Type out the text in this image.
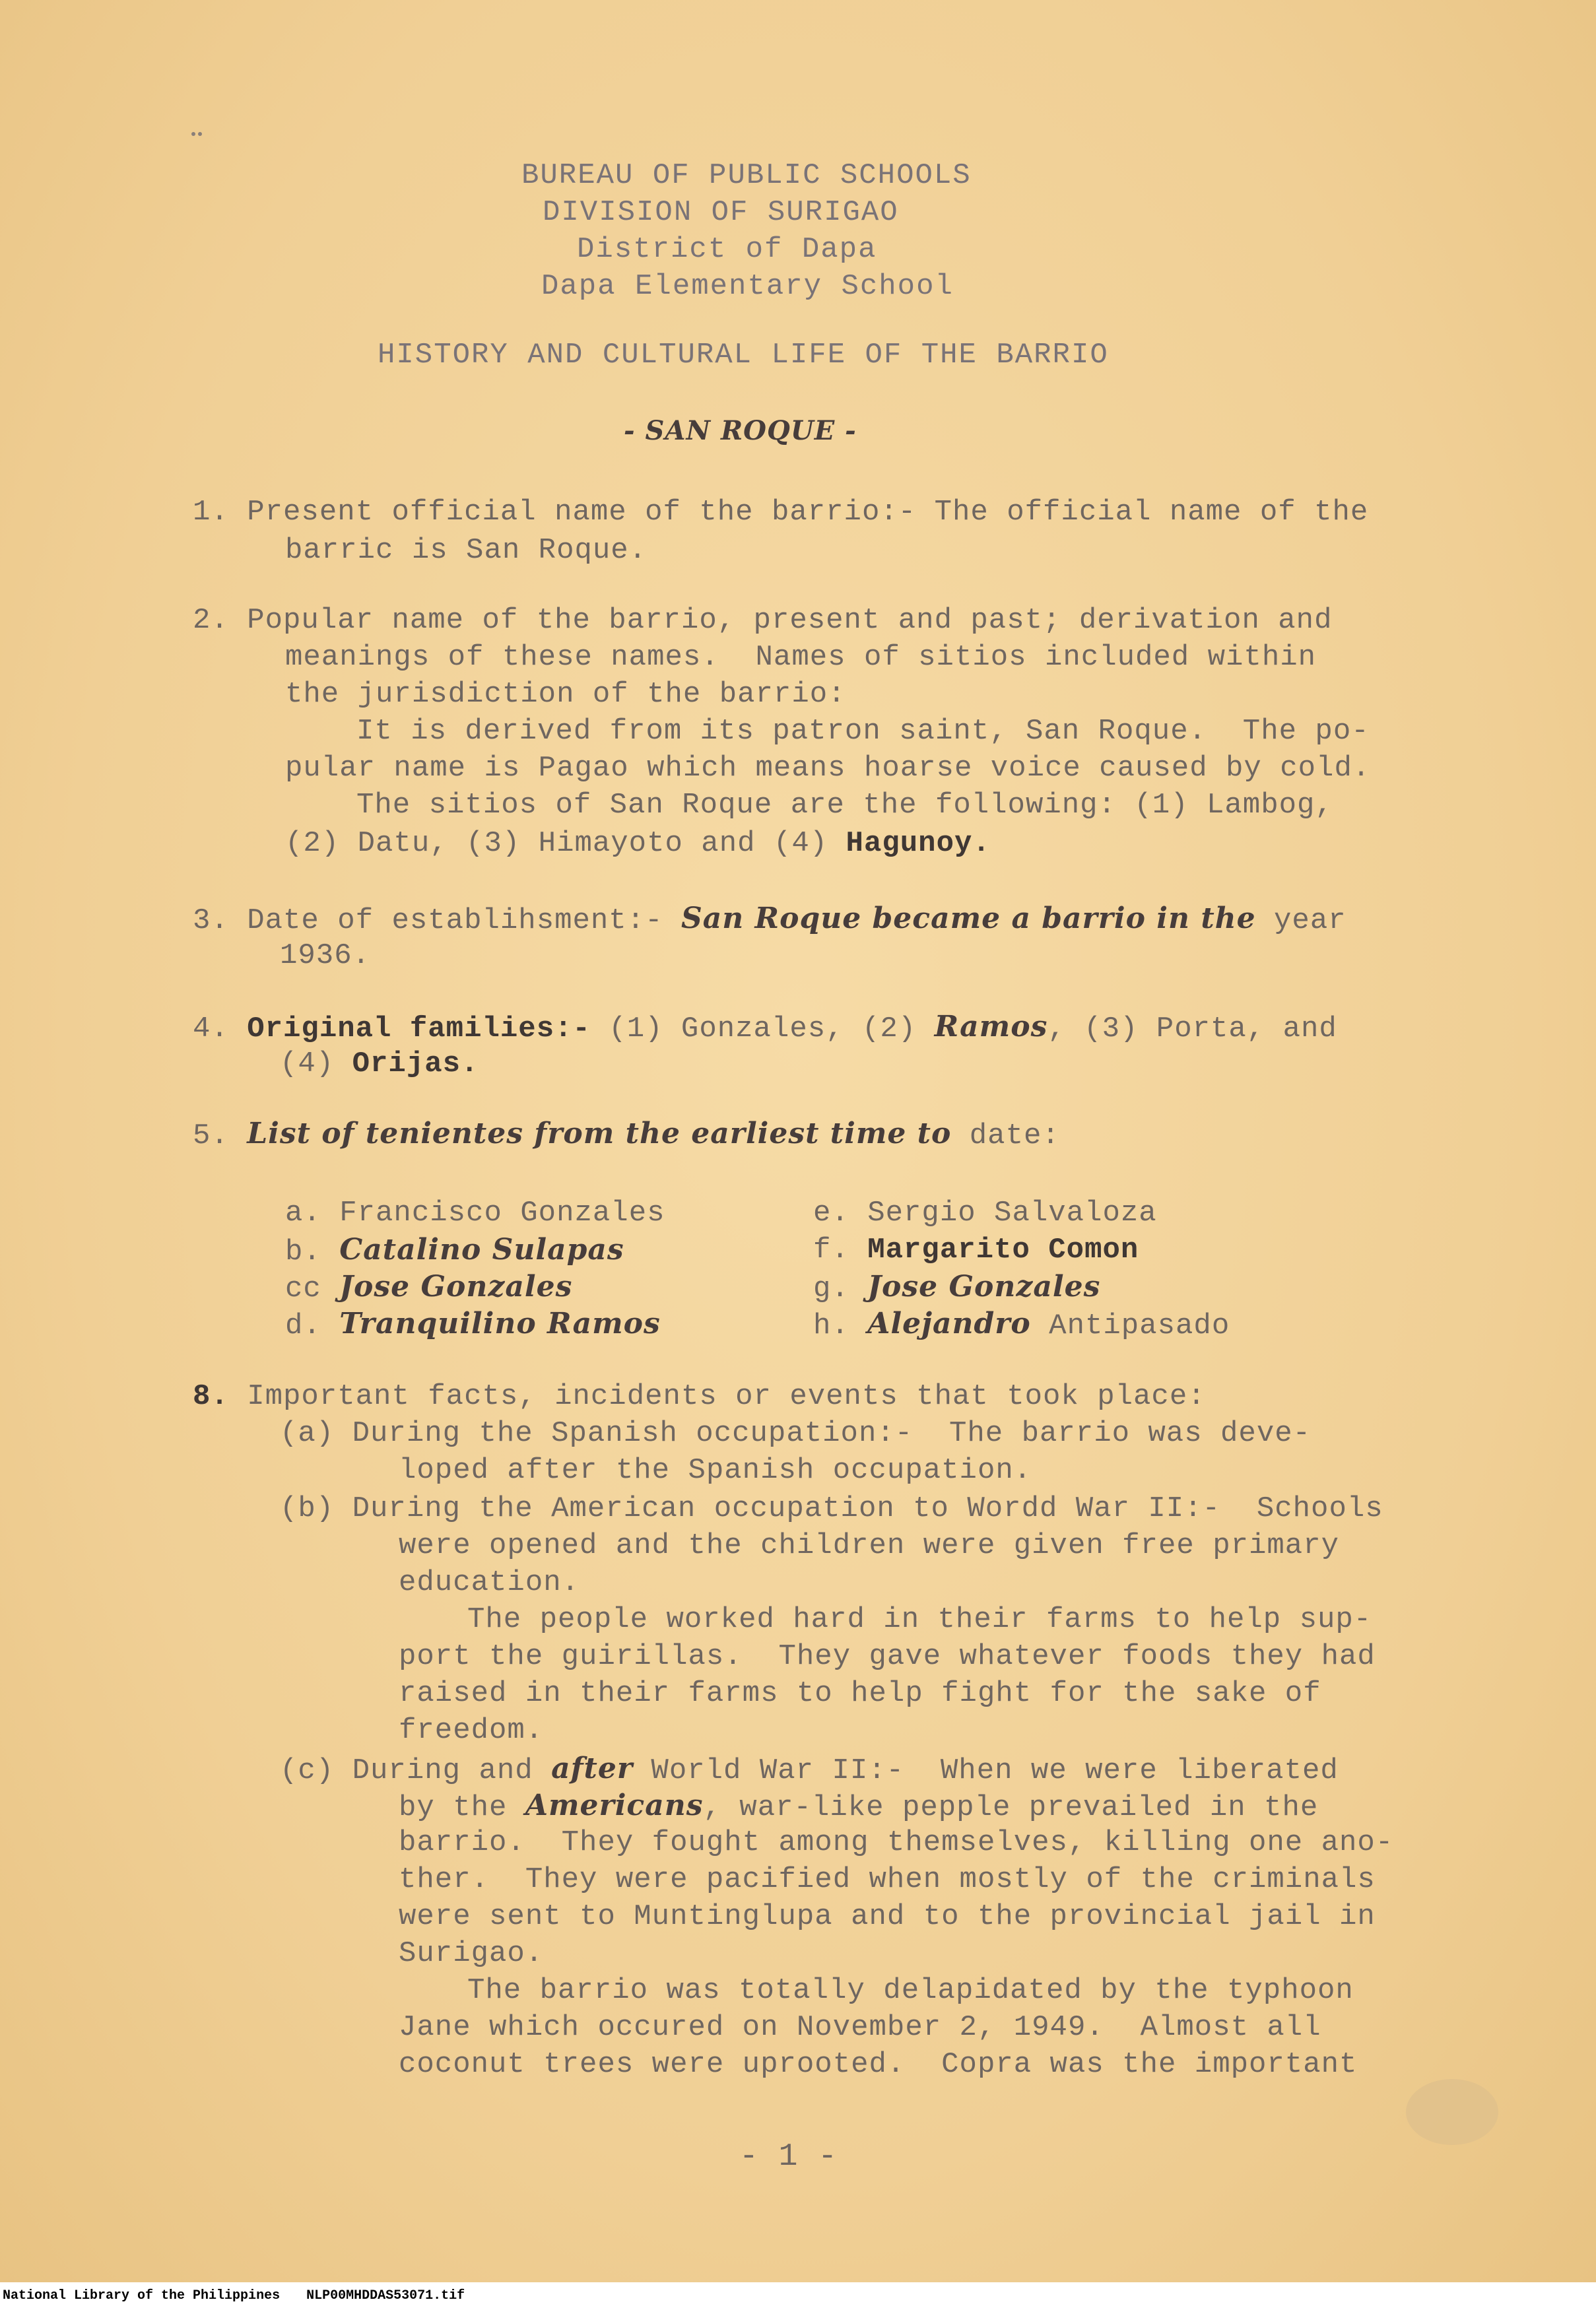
BUREAU OF PUBLIC SCHOOLS
DIVISION OF SURIGAO
District of Dapa
Dapa Elementary School
HISTORY AND CULTURAL LIFE OF THE BARRIO
- SAN ROQUE -
1. Present official name of the barrio:- The official name of the
barric is San Roque.
2. Popular name of the barrio, present and past; derivation and
meanings of these names.  Names of sitios included within
the jurisdiction of the barrio:
It is derived from its patron saint, San Roque.  The po-
pular name is Pagao which means hoarse voice caused by cold.
The sitios of San Roque are the following: (1) Lambog,
(2) Datu, (3) Himayoto and (4) Hagunoy.
3. Date of establihsment:- San Roque became a barrio in the year
1936.
4. Original families:- (1) Gonzales, (2) Ramos, (3) Porta, and
(4) Orijas.
5. List of tenientes from the earliest time to date:
a. Francisco Gonzales
b. Catalino Sulapas
cc Jose Gonzales
d. Tranquilino Ramos
e. Sergio Salvaloza
f. Margarito Comon
g. Jose Gonzales
h. Alejandro Antipasado
8. Important facts, incidents or events that took place:
(a) During the Spanish occupation:-  The barrio was deve-
loped after the Spanish occupation.
(b) During the American occupation to Wordd War II:-  Schools
were opened and the children were given free primary
education.
The people worked hard in their farms to help sup-
port the guirillas.  They gave whatever foods they had
raised in their farms to help fight for the sake of
freedom.
(c) During and after World War II:-  When we were liberated
by the Americans, war-like pepple prevailed in the
barrio.  They fought among themselves, killing one ano-
ther.  They were pacified when mostly of the criminals
were sent to Muntinglupa and to the provincial jail in
Surigao.
The barrio was totally delapidated by the typhoon
Jane which occured on November 2, 1949.  Almost all
coconut trees were uprooted.  Copra was the important
- 1 -
National Library of the Philippines NLP00MHDDAS53071.tif
